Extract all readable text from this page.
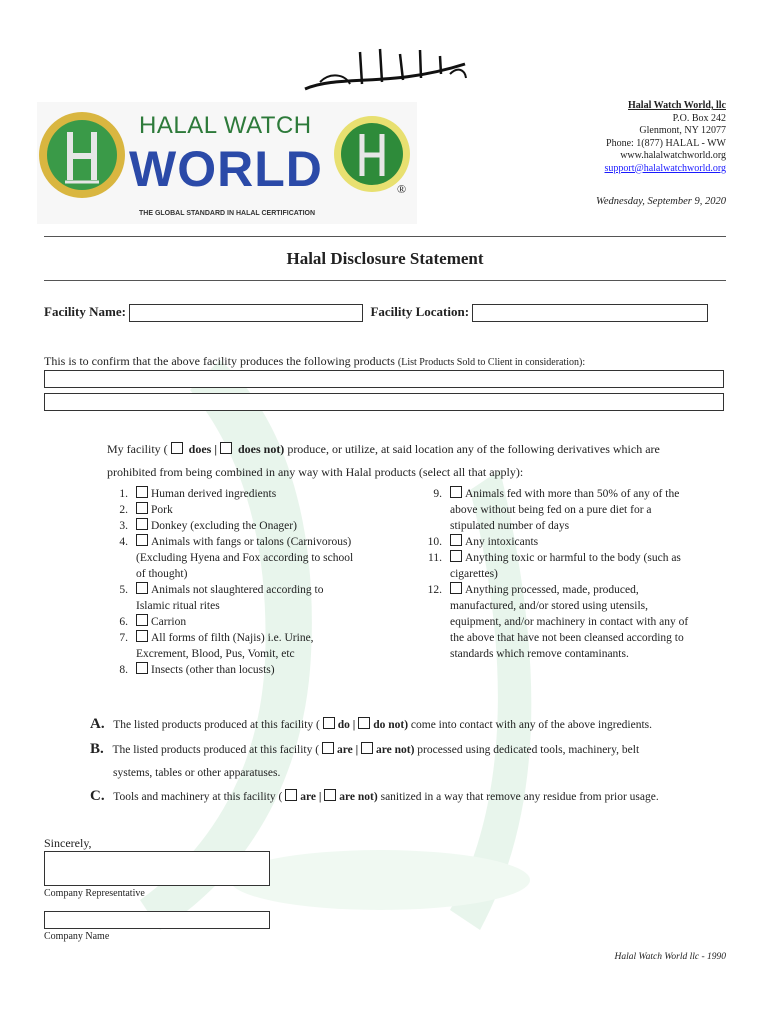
HALAL WATCH
WORLD
THE GLOBAL STANDARD IN HALAL CERTIFICATION
®
Halal Watch World, llc
P.O. Box 242
Glenmont, NY 12077
Phone: 1(877) HALAL - WW
www.halalwatchworld.org
support@halalwatchworld.org
Wednesday, September 9, 2020
Halal Disclosure Statement
Facility Name:	Facility Location:
This is to confirm that the above facility produces the following products (List Products Sold to Client in consideration):
My facility ( does | does not) produce, or utilize, at said location any of the following derivatives which are
prohibited from being combined in any way with Halal products (select all that apply):
1.	Human derived ingredients
2.	Pork
3.	Donkey (excluding the Onager)
4.	Animals with fangs or talons (Carnivorous) (Excluding Hyena and Fox according to school of thought)
5.	Animals not slaughtered according to Islamic ritual rites
6.	Carrion
7.	All forms of filth (Najis) i.e. Urine, Excrement, Blood, Pus, Vomit, etc
8.	Insects (other than locusts)
9.	Animals fed with more than 50% of any of the above without being fed on a pure diet for a stipulated number of days
10.	Any intoxicants
11.	Anything toxic or harmful to the body (such as cigarettes)
12.	Anything processed, made, produced, manufactured, and/or stored using utensils, equipment, and/or machinery in contact with any of the above that have not been cleansed according to standards which remove contaminants.
A. The listed products produced at this facility ( do | do not) come into contact with any of the above ingredients.
B. The listed products produced at this facility ( are | are not) processed using dedicated tools, machinery, belt
systems, tables or other apparatuses.
C. Tools and machinery at this facility ( are | are not) sanitized in a way that remove any residue from prior usage.
Sincerely,
Company Representative
Company Name
Halal Watch World llc - 1990
